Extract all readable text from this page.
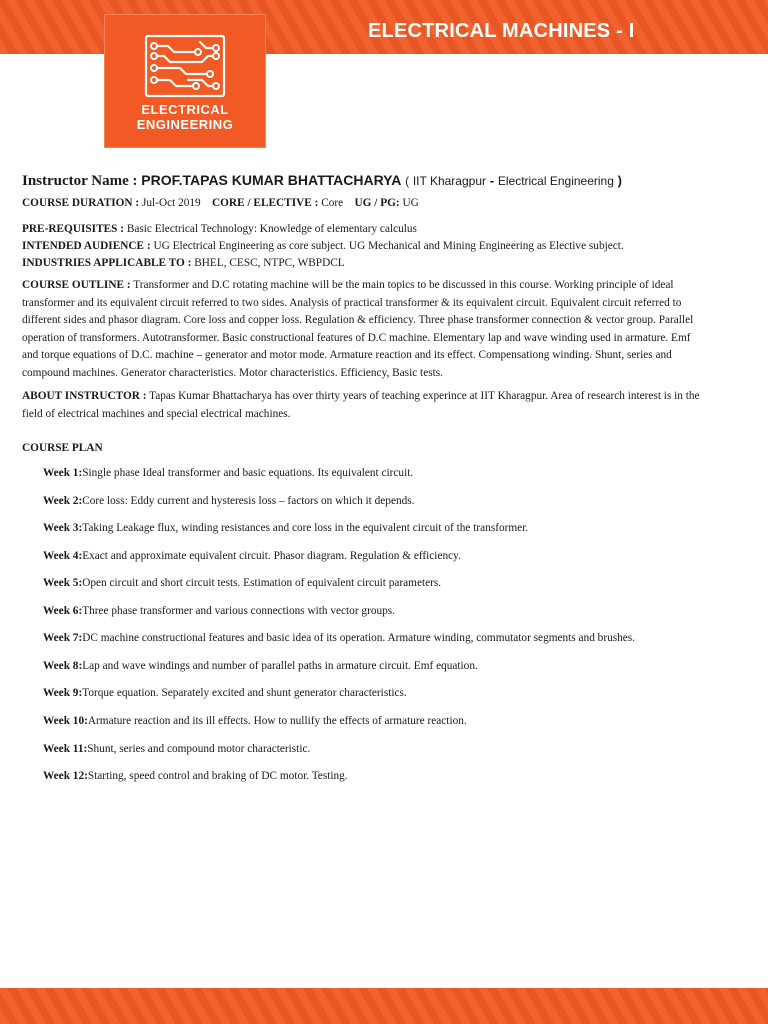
ELECTRICAL MACHINES - I
ELECTRICAL
ENGINEERING
Instructor Name : PROF.TAPAS KUMAR BHATTACHARYA ( IIT Kharagpur - Electrical Engineering )
COURSE DURATION : Jul-Oct 2019 CORE / ELECTIVE : Core UG / PG: UG
PRE-REQUISITES : Basic Electrical Technology: Knowledge of elementary calculus
INTENDED AUDIENCE : UG Electrical Engineering as core subject. UG Mechanical and Mining Engineering as Elective subject.
INDUSTRIES APPLICABLE TO : BHEL, CESC, NTPC, WBPDCL
COURSE OUTLINE : Transformer and D.C rotating machine will be the main topics to be discussed in this course. Working principle of ideal transformer and its equivalent circuit referred to two sides. Analysis of practical transformer & its equivalent circuit. Equivalent circuit referred to different sides and phasor diagram. Core loss and copper loss. Regulation & efficiency. Three phase transformer connection & vector group. Parallel operation of transformers. Autotransformer. Basic constructional features of D.C machine. Elementary lap and wave winding used in armature. Emf and torque equations of D.C. machine – generator and motor mode. Armature reaction and its effect. Compensationg winding. Shunt, series and compound machines. Generator characteristics. Motor characteristics. Efficiency, Basic tests.
ABOUT INSTRUCTOR : Tapas Kumar Bhattacharya has over thirty years of teaching experince at IIT Kharagpur. Area of research interest is in the field of electrical machines and special electrical machines.
COURSE PLAN
Week 1:Single phase Ideal transformer and basic equations. Its equivalent circuit.
Week 2:Core loss: Eddy current and hysteresis loss – factors on which it depends.
Week 3:Taking Leakage flux, winding resistances and core loss in the equivalent circuit of the transformer.
Week 4:Exact and approximate equivalent circuit. Phasor diagram. Regulation & efficiency.
Week 5:Open circuit and short circuit tests. Estimation of equivalent circuit parameters.
Week 6:Three phase transformer and various connections with vector groups.
Week 7:DC machine constructional features and basic idea of its operation. Armature winding, commutator segments and brushes.
Week 8:Lap and wave windings and number of parallel paths in armature circuit. Emf equation.
Week 9:Torque equation. Separately excited and shunt generator characteristics.
Week 10:Armature reaction and its ill effects. How to nullify the effects of armature reaction.
Week 11:Shunt, series and compound motor characteristic.
Week 12:Starting, speed control and braking of DC motor. Testing.
